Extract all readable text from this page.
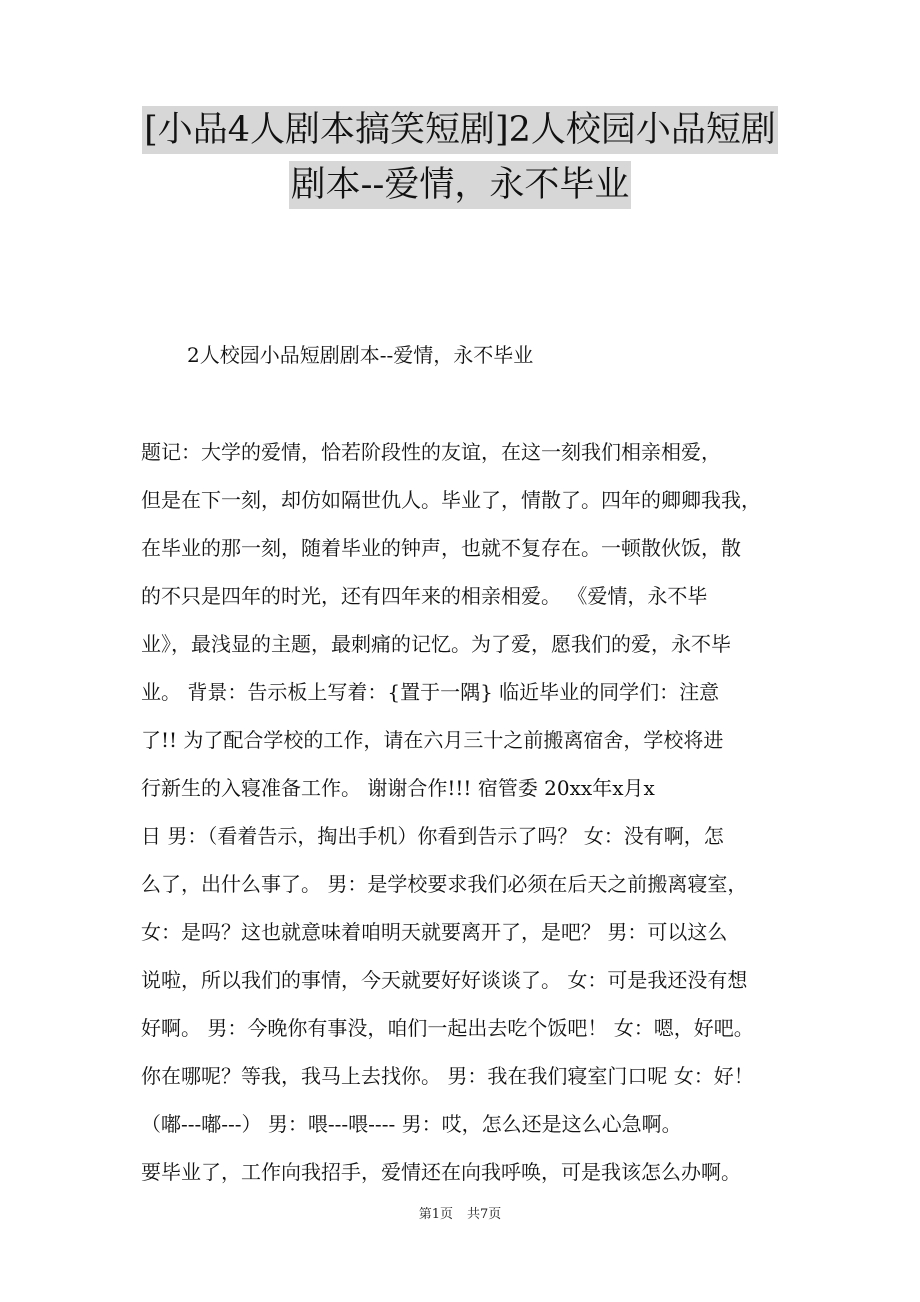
[小品4人剧本搞笑短剧]2人校园小品短剧
剧本--爱情，永不毕业
2人校园小品短剧剧本--爱情，永不毕业
题记：大学的爱情，恰若阶段性的友谊，在这一刻我们相亲相爱，
但是在下一刻，却仿如隔世仇人。毕业了，情散了。四年的卿卿我我，
在毕业的那一刻，随着毕业的钟声，也就不复存在。一顿散伙饭，散
的不只是四年的时光，还有四年来的相亲相爱。 《爱情，永不毕
业》，最浅显的主题，最刺痛的记忆。为了爱，愿我们的爱，永不毕
业。 背景：告示板上写着：{置于一隅} 临近毕业的同学们：注意
了!! 为了配合学校的工作，请在六月三十之前搬离宿舍，学校将进
行新生的入寝准备工作。 谢谢合作!!! 宿管委 20xx年x月x
日 男：（看着告示，掏出手机）你看到告示了吗？ 女：没有啊，怎
么了，出什么事了。 男：是学校要求我们必须在后天之前搬离寝室，
女：是吗？这也就意味着咱明天就要离开了，是吧？ 男：可以这么
说啦，所以我们的事情，今天就要好好谈谈了。 女：可是我还没有想
好啊。 男：今晚你有事没，咱们一起出去吃个饭吧！ 女：嗯，好吧。
你在哪呢？等我，我马上去找你。 男：我在我们寝室门口呢 女：好！
（嘟---嘟---） 男：喂---喂---- 男：哎，怎么还是这么心急啊。
要毕业了，工作向我招手，爱情还在向我呼唤，可是我该怎么办啊。
第1页 共7页
